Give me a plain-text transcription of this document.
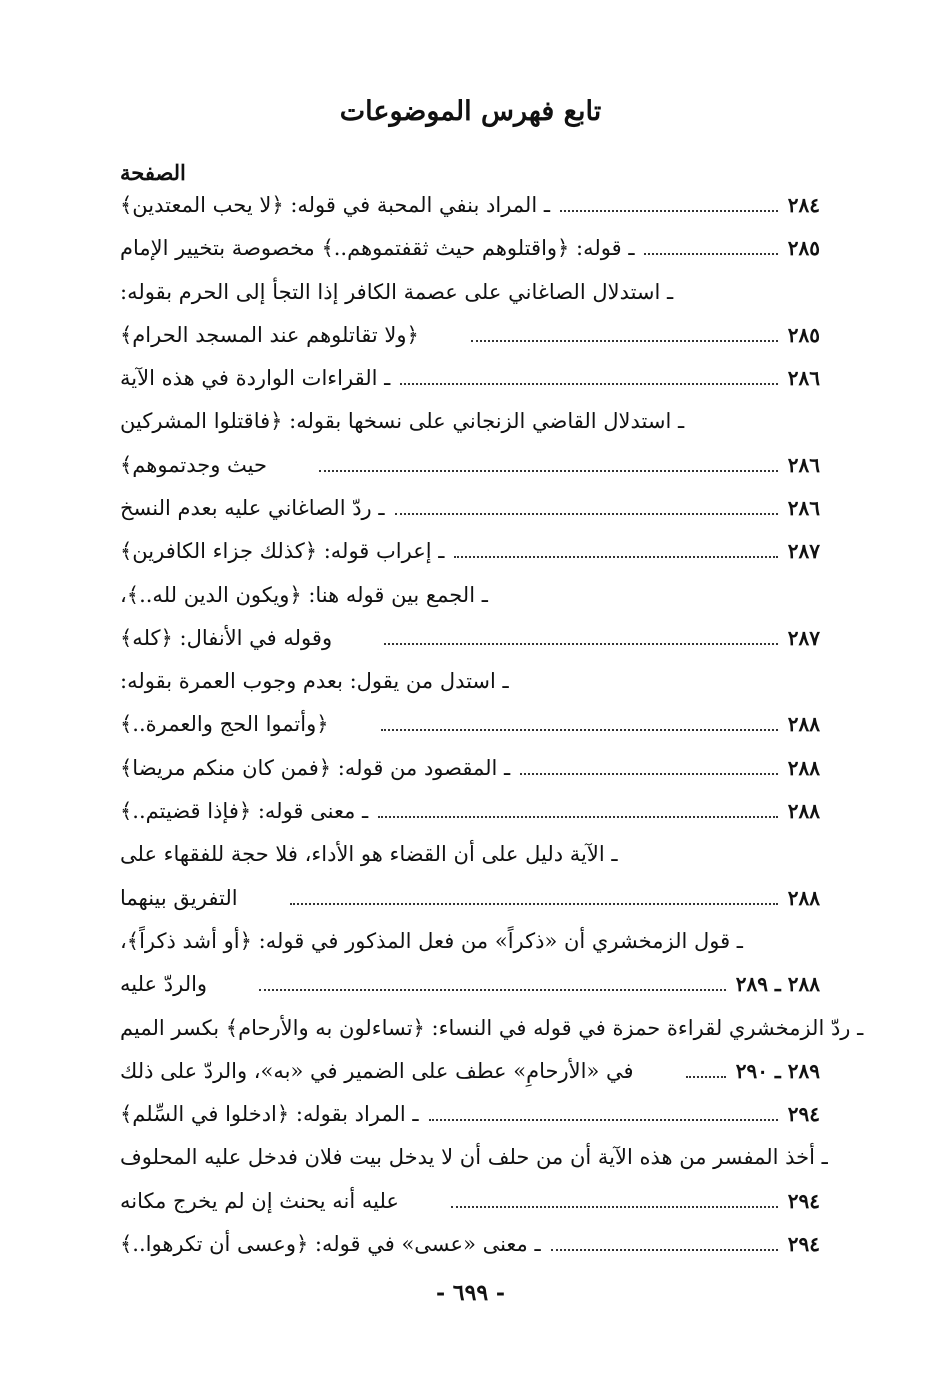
تابع فهرس الموضوعات
الصفحة
ـ المراد بنفي المحبة في قوله: ﴿لا يحب المعتدين﴾	٢٨٤
ـ قوله: ﴿واقتلوهم حيث ثقفتموهم..﴾ مخصوصة بتخيير الإمام	٢٨٥
ـ استدلال الصاغاني على عصمة الكافر إذا التجأ إلى الحرم بقوله:
﴿ولا تقاتلوهم عند المسجد الحرام﴾	٢٨٥
ـ القراءات الواردة في هذه الآية	٢٨٦
ـ استدلال القاضي الزنجاني على نسخها بقوله: ﴿فاقتلوا المشركين
حيث وجدتموهم﴾	٢٨٦
ـ ردّ الصاغاني عليه بعدم النسخ	٢٨٦
ـ إعراب قوله: ﴿كذلك جزاء الكافرين﴾	٢٨٧
ـ الجمع بين قوله هنا: ﴿ويكون الدين لله..﴾،
وقوله في الأنفال: ﴿كله﴾	٢٨٧
ـ استدل من يقول: بعدم وجوب العمرة بقوله:
﴿وأتموا الحج والعمرة..﴾	٢٨٨
ـ المقصود من قوله: ﴿فمن كان منكم مريضا﴾	٢٨٨
ـ معنى قوله: ﴿فإذا قضيتم..﴾	٢٨٨
ـ الآية دليل على أن القضاء هو الأداء، فلا حجة للفقهاء على
التفريق بينهما	٢٨٨
ـ قول الزمخشري أن «ذكراً» من فعل المذكور في قوله: ﴿أو أشد ذكراً﴾،
والردّ عليه	٢٨٨ ـ ٢٨٩
ـ ردّ الزمخشري لقراءة حمزة في قوله في النساء: ﴿تساءلون به والأرحام﴾ بكسر الميم
في «الأرحامِ» عطف على الضمير في «به»، والردّ على ذلك	٢٨٩ ـ ٢٩٠
ـ المراد بقوله: ﴿ادخلوا في السِّلم﴾	٢٩٤
ـ أخذ المفسر من هذه الآية أن من حلف أن لا يدخل بيت فلان فدخل عليه المحلوف
عليه أنه يحنث إن لم يخرج مكانه	٢٩٤
ـ معنى «عسى» في قوله: ﴿وعسى أن تكرهوا..﴾	٢٩٤
- ٦٩٩ -
